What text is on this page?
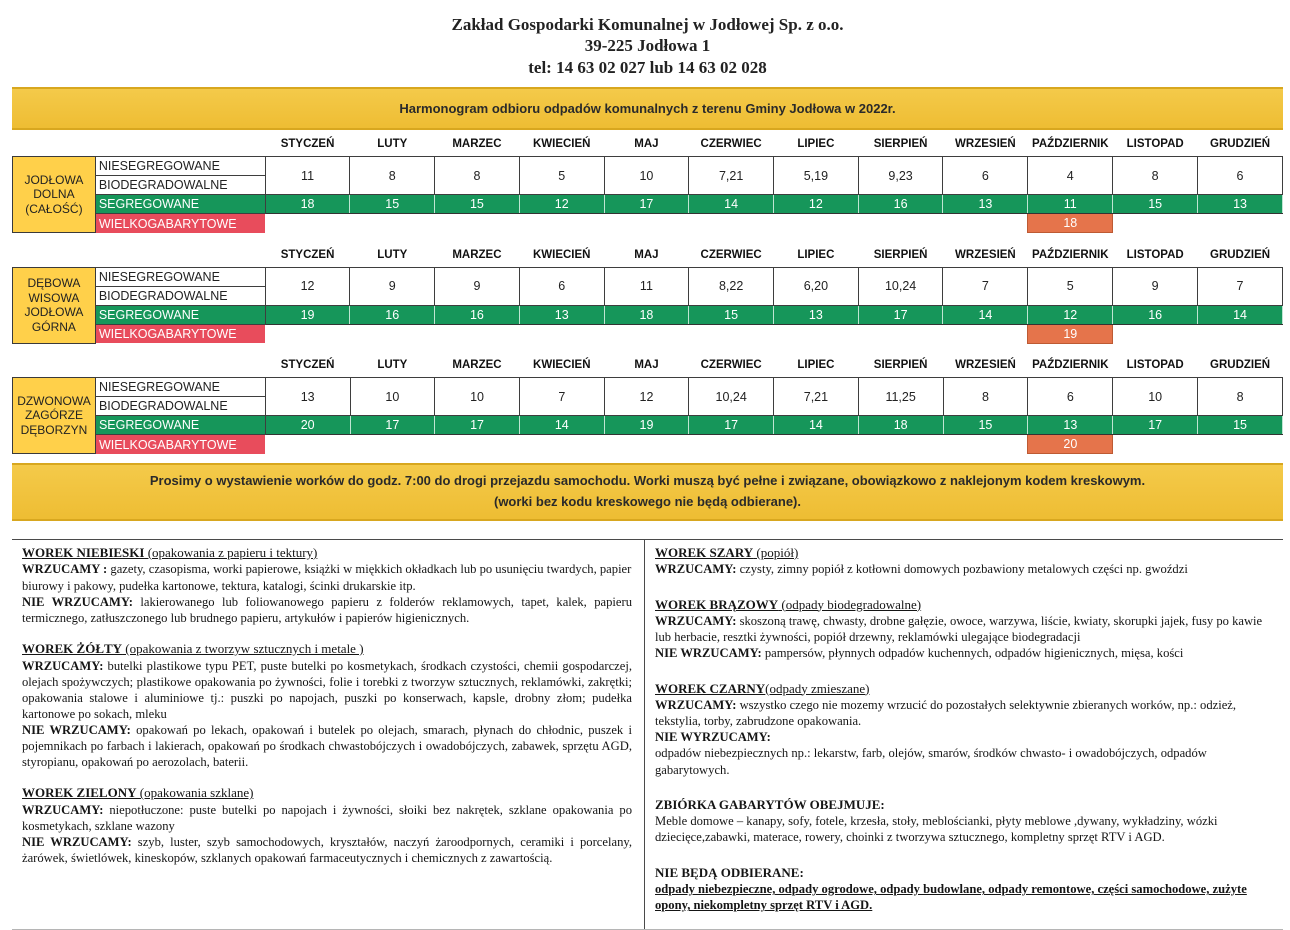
Zakład Gospodarki Komunalnej w Jodłowej Sp. z o.o.
39-225 Jodłowa 1
tel: 14 63 02 027 lub 14 63 02 028
Harmonogram odbioru odpadów komunalnych z terenu Gminy Jodłowa w 2022r.
		STYCZEŃ	LUTY	MARZEC	KWIECIEŃ	MAJ	CZERWIEC	LIPIEC	SIERPIEŃ	WRZESIEŃ	PAŹDZIERNIK	LISTOPAD	GRUDZIEŃ

JODŁOWA
DOLNA
(CAŁOŚĆ)	NIESEGREGOWANE	11	8	8	5	10	7,21	5,19	9,23	6	4	8	6
	BIODEGRADOWALNE												
	SEGREGOWANE	18	15	15	12	17	14	12	16	13	11	15	13
	WIELKOGABARYTOWE										18		
		STYCZEŃ	LUTY	MARZEC	KWIECIEŃ	MAJ	CZERWIEC	LIPIEC	SIERPIEŃ	WRZESIEŃ	PAŹDZIERNIK	LISTOPAD	GRUDZIEŃ

DĘBOWA
WISOWA
JODŁOWA
GÓRNA	NIESEGREGOWANE	12	9	9	6	11	8,22	6,20	10,24	7	5	9	7
	BIODEGRADOWALNE												
	SEGREGOWANE	19	16	16	13	18	15	13	17	14	12	16	14
	WIELKOGABARYTOWE										19		
		STYCZEŃ	LUTY	MARZEC	KWIECIEŃ	MAJ	CZERWIEC	LIPIEC	SIERPIEŃ	WRZESIEŃ	PAŹDZIERNIK	LISTOPAD	GRUDZIEŃ

DZWONOWA
ZAGÓRZE
DĘBORZYN	NIESEGREGOWANE	13	10	10	7	12	10,24	7,21	11,25	8	6	10	8
	BIODEGRADOWALNE												
	SEGREGOWANE	20	17	17	14	19	17	14	18	15	13	17	15
	WIELKOGABARYTOWE										20		
Prosimy o wystawienie worków do godz. 7:00 do drogi przejazdu samochodu. Worki muszą być pełne i związane, obowiązkowo z naklejonym kodem kreskowym.
(worki bez kodu kreskowego nie będą odbierane).
WOREK NIEBIESKI (opakowania z papieru i tektury)
WRZUCAMY : gazety, czasopisma, worki papierowe, książki w miękkich okładkach lub po usunięciu twardych, papier biurowy i pakowy, pudełka kartonowe, tektura, katalogi, ścinki drukarskie itp.
NIE WRZUCAMY: lakierowanego lub foliowanowego papieru z folderów reklamowych, tapet, kalek, papieru termicznego, zatłuszczonego lub brudnego papieru, artykułów i papierów higienicznych.
WOREK ŻÓŁTY (opakowania z tworzyw sztucznych i metale )
WRZUCAMY: butelki plastikowe typu PET, puste butelki po kosmetykach, środkach czystości, chemii gospodarczej, olejach spożywczych; plastikowe opakowania po żywności, folie i torebki z tworzyw sztucznych, reklamówki, zakrętki; opakowania stalowe i aluminiowe tj.: puszki po napojach, puszki po konserwach, kapsle, drobny złom; pudełka kartonowe po sokach, mleku
NIE WRZUCAMY: opakowań po lekach, opakowań i butelek po olejach, smarach, płynach do chłodnic, puszek i pojemnikach po farbach i lakierach, opakowań po środkach chwastobójczych i owadobójczych, zabawek, sprzętu AGD, styropianu, opakowań po aerozolach, baterii.
WOREK ZIELONY (opakowania szklane)
WRZUCAMY: niepotłuczone: puste butelki po napojach i żywności, słoiki bez nakrętek, szklane opakowania po kosmetykach, szklane wazony
NIE WRZUCAMY: szyb, luster, szyb samochodowych, kryształów, naczyń żaroodpornych, ceramiki i porcelany, żarówek, świetlówek, kineskopów, szklanych opakowań farmaceutycznych i chemicznych z zawartością.
WOREK SZARY (popiół)
WRZUCAMY: czysty, zimny popiół z kotłowni domowych pozbawiony metalowych części np. gwoździ
WOREK BRĄZOWY (odpady biodegradowalne)
WRZUCAMY: skoszoną trawę, chwasty, drobne gałęzie, owoce, warzywa, liście, kwiaty, skorupki jajek, fusy po kawie lub herbacie, resztki żywności, popiół drzewny, reklamówki ulegające biodegradacji
NIE WRZUCAMY: pampersów, płynnych odpadów kuchennych, odpadów higienicznych, mięsa, kości
WOREK CZARNY(odpady zmieszane)
WRZUCAMY: wszystko czego nie mozemy wrzucić do pozostałych selektywnie zbieranych worków, np.: odzież, tekstylia, torby, zabrudzone opakowania.
NIE WYRZUCAMY:
odpadów niebezpiecznych np.: lekarstw, farb, olejów, smarów, środków chwasto- i owadobójczych, odpadów gabarytowych.
ZBIÓRKA GABARYTÓW OBEJMUJE:
Meble domowe – kanapy, sofy, fotele, krzesła, stoły, meblościanki, płyty meblowe ,dywany, wykładziny, wózki dziecięce,zabawki, materace, rowery, choinki z tworzywa sztucznego, kompletny sprzęt RTV i AGD.
NIE BĘDĄ ODBIERANE:
odpady niebezpieczne, odpady ogrodowe, odpady budowlane, odpady remontowe, części samochodowe, zużyte opony, niekompletny sprzęt RTV i AGD.
